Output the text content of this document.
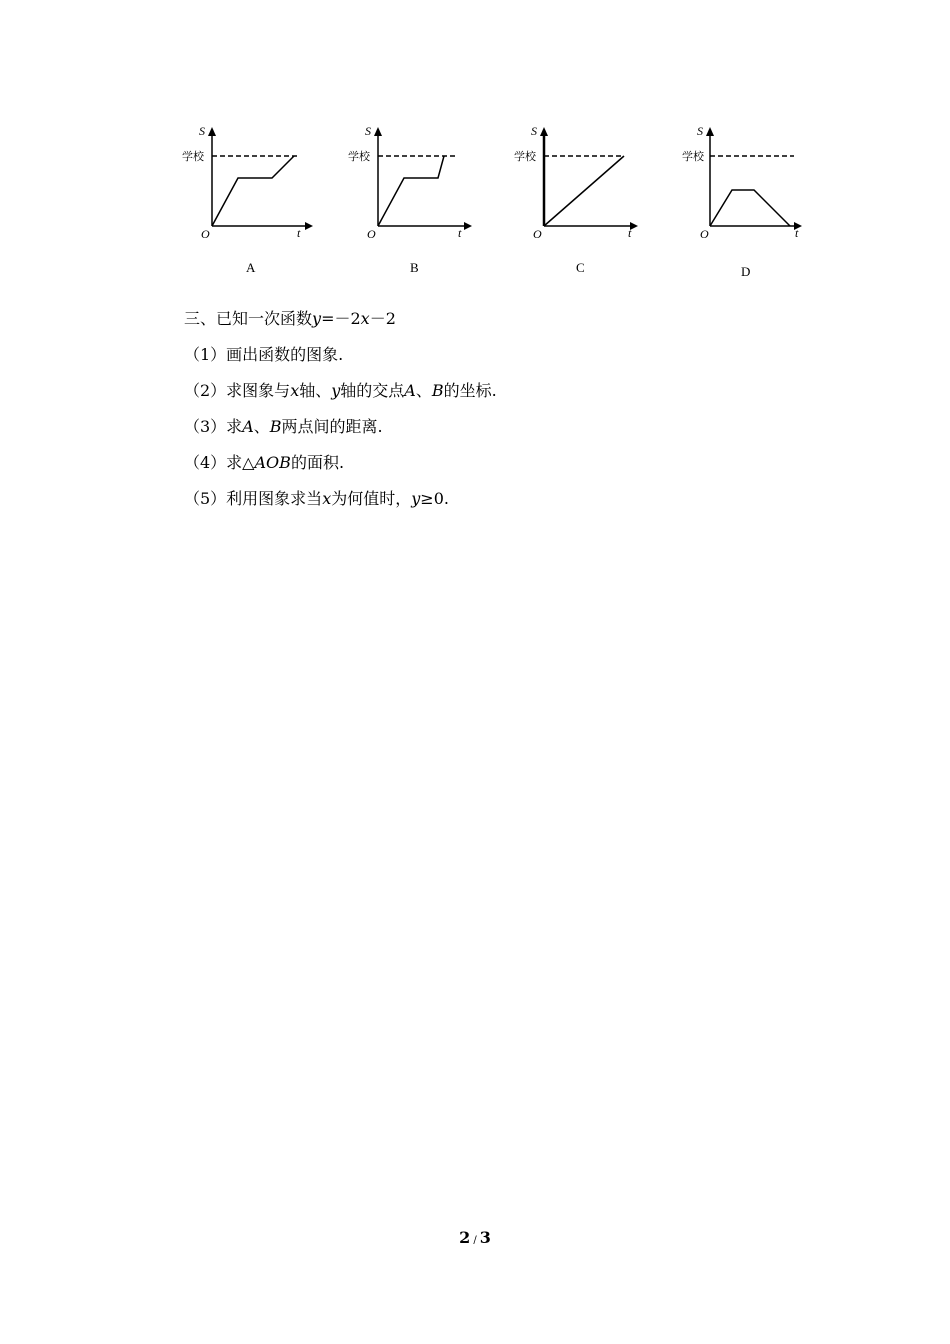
S
学校
O	t
A
S
学校
O	t
B
S
学校
O	t
C
S
学校
O	t
D
三、已知一次函数y=－2x－2
（1）画出函数的图象.
（2）求图象与x轴、y轴的交点A、B的坐标.
（3）求A、B两点间的距离.
（4）求△AOB的面积.
（5）利用图象求当x为何值时，y≥0.
2 / 3
